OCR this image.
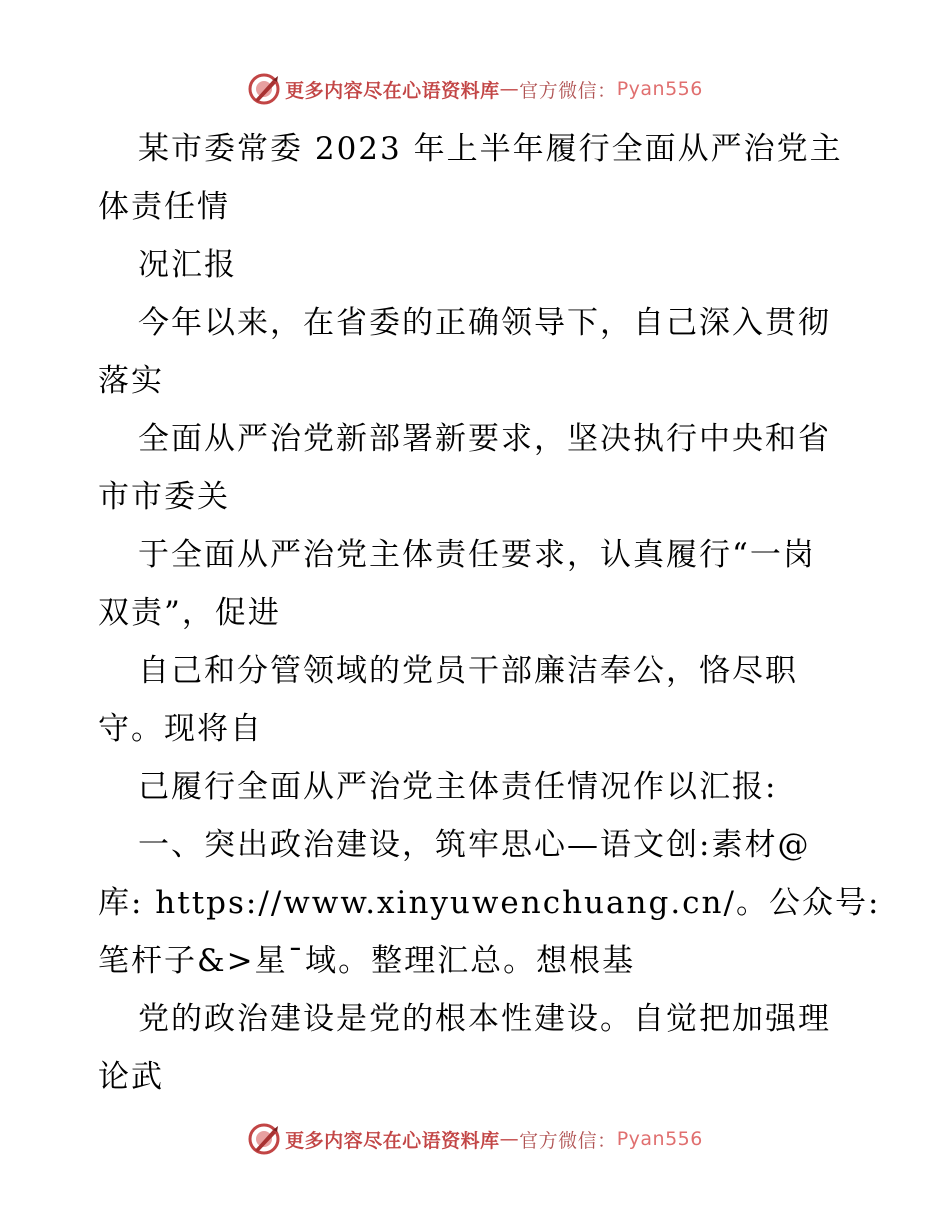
更多内容尽在心语资料库 — 官方微信： Pyan556
某市委常委 2023 年上半年履行全面从严治党主
体责任情
况汇报
今年以来，在省委的正确领导下，自己深入贯彻
落实
全面从严治党新部署新要求，坚决执行中央和省
市市委关
于全面从严治党主体责任要求，认真履行“一岗
双责”，促进
自己和分管领域的党员干部廉洁奉公，恪尽职
守。现将自
己履行全面从严治党主体责任情况作以汇报:
一、突出政治建设，筑牢思心—语文创:素材@
库: https://www.xinyuwenchuang.cn/。公众号:
笔杆子&>星¯域。整理汇总。想根基
党的政治建设是党的根本性建设。自觉把加强理
论武
更多内容尽在心语资料库 — 官方微信： Pyan556
